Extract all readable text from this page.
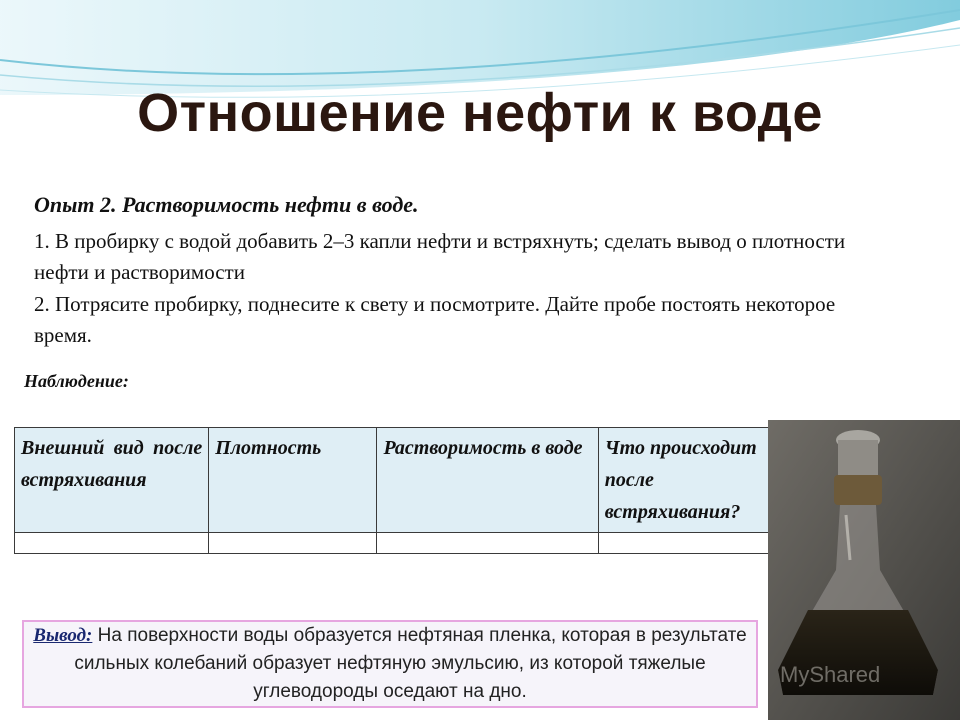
Отношение нефти к воде
Опыт 2. Растворимость нефти в воде.
1. В пробирку с водой добавить 2–3 капли нефти и встряхнуть; сделать вывод о плотности нефти и растворимости
2. Потрясите пробирку, поднесите к свету и посмотрите. Дайте пробе постоять некоторое время.
Наблюдение:
Внешний вид после встряхивания	Плотность	Растворимость в воде	Что происходит после встряхивания?

MyShared
Вывод: На поверхности воды образуется нефтяная пленка, которая в результате сильных колебаний образует нефтяную эмульсию, из которой тяжелые углеводороды оседают на дно.
